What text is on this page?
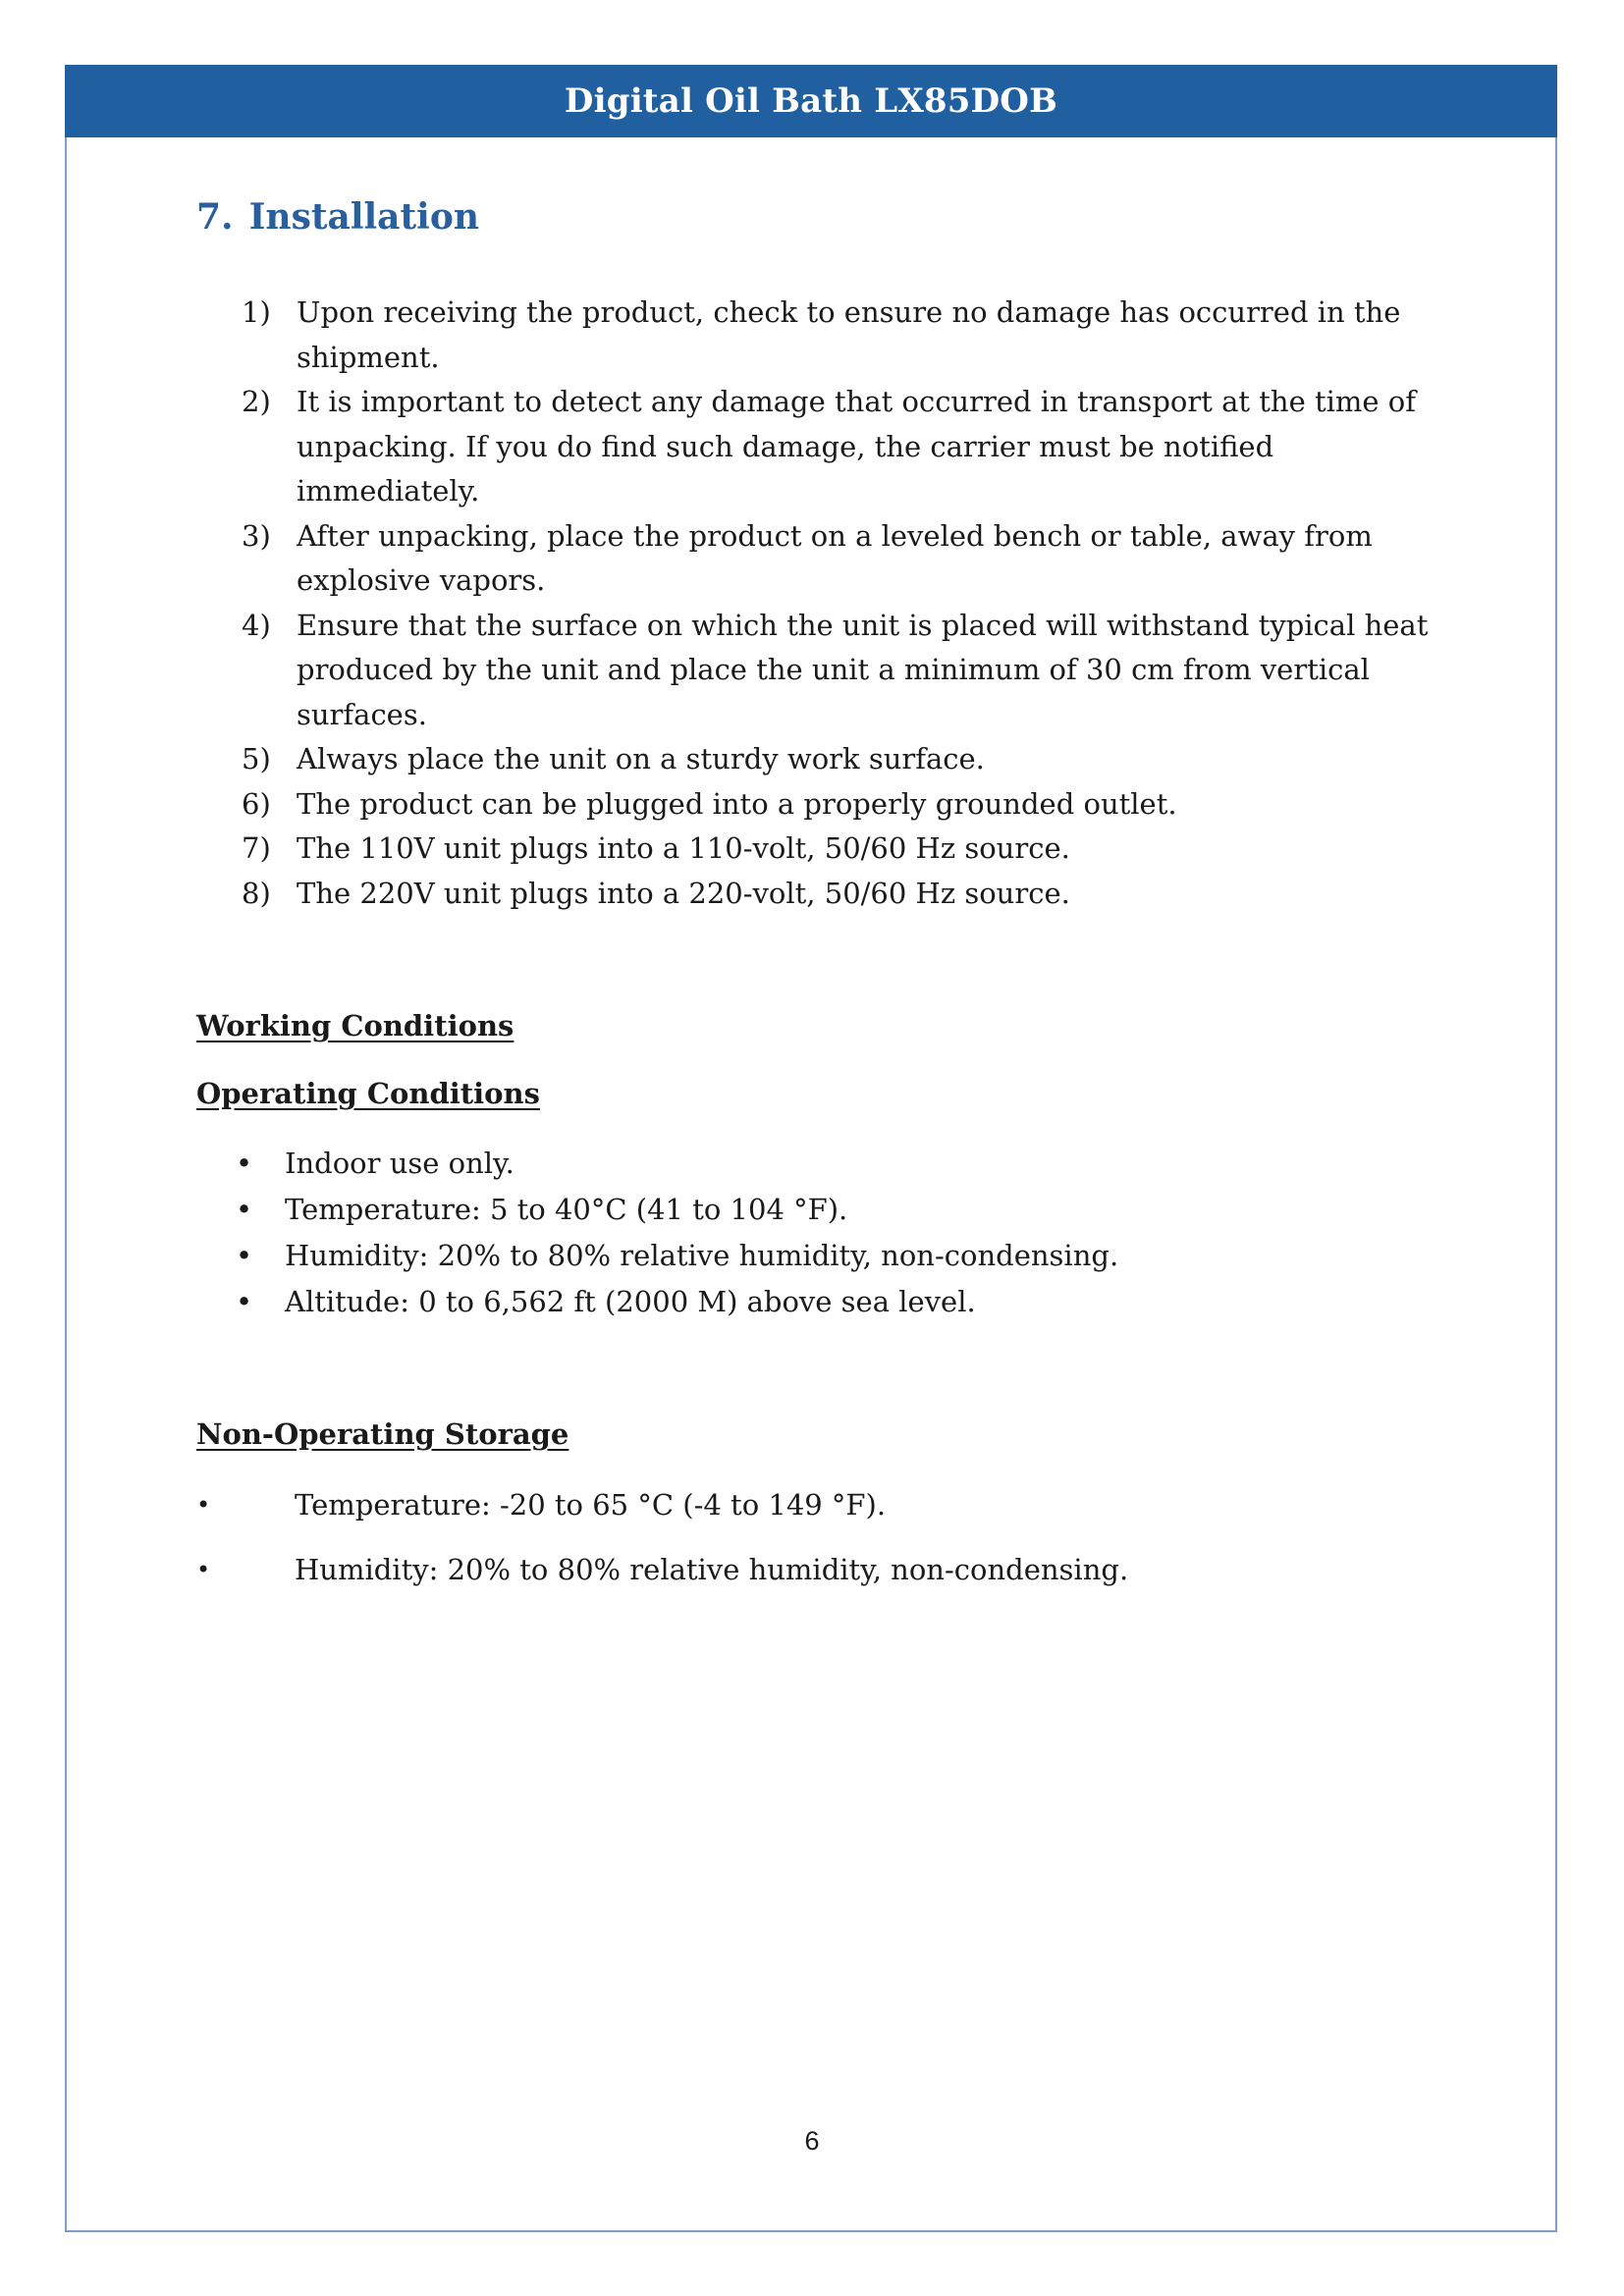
Digital Oil Bath LX85DOB
7. Installation
1) Upon receiving the product, check to ensure no damage has occurred in the shipment.
2) It is important to detect any damage that occurred in transport at the time of unpacking. If you do find such damage, the carrier must be notified immediately.
3) After unpacking, place the product on a leveled bench or table, away from explosive vapors.
4) Ensure that the surface on which the unit is placed will withstand typical heat produced by the unit and place the unit a minimum of 30 cm from vertical surfaces.
5) Always place the unit on a sturdy work surface.
6) The product can be plugged into a properly grounded outlet.
7) The 110V unit plugs into a 110-volt, 50/60 Hz source.
8) The 220V unit plugs into a 220-volt, 50/60 Hz source.
Working Conditions
Operating Conditions
• Indoor use only.
• Temperature: 5 to 40°C (41 to 104 °F).
• Humidity: 20% to 80% relative humidity, non-condensing.
• Altitude: 0 to 6,562 ft (2000 M) above sea level.
Non-Operating Storage
•	Temperature: -20 to 65 °C (-4 to 149 °F).
•	Humidity: 20% to 80% relative humidity, non-condensing.
6
